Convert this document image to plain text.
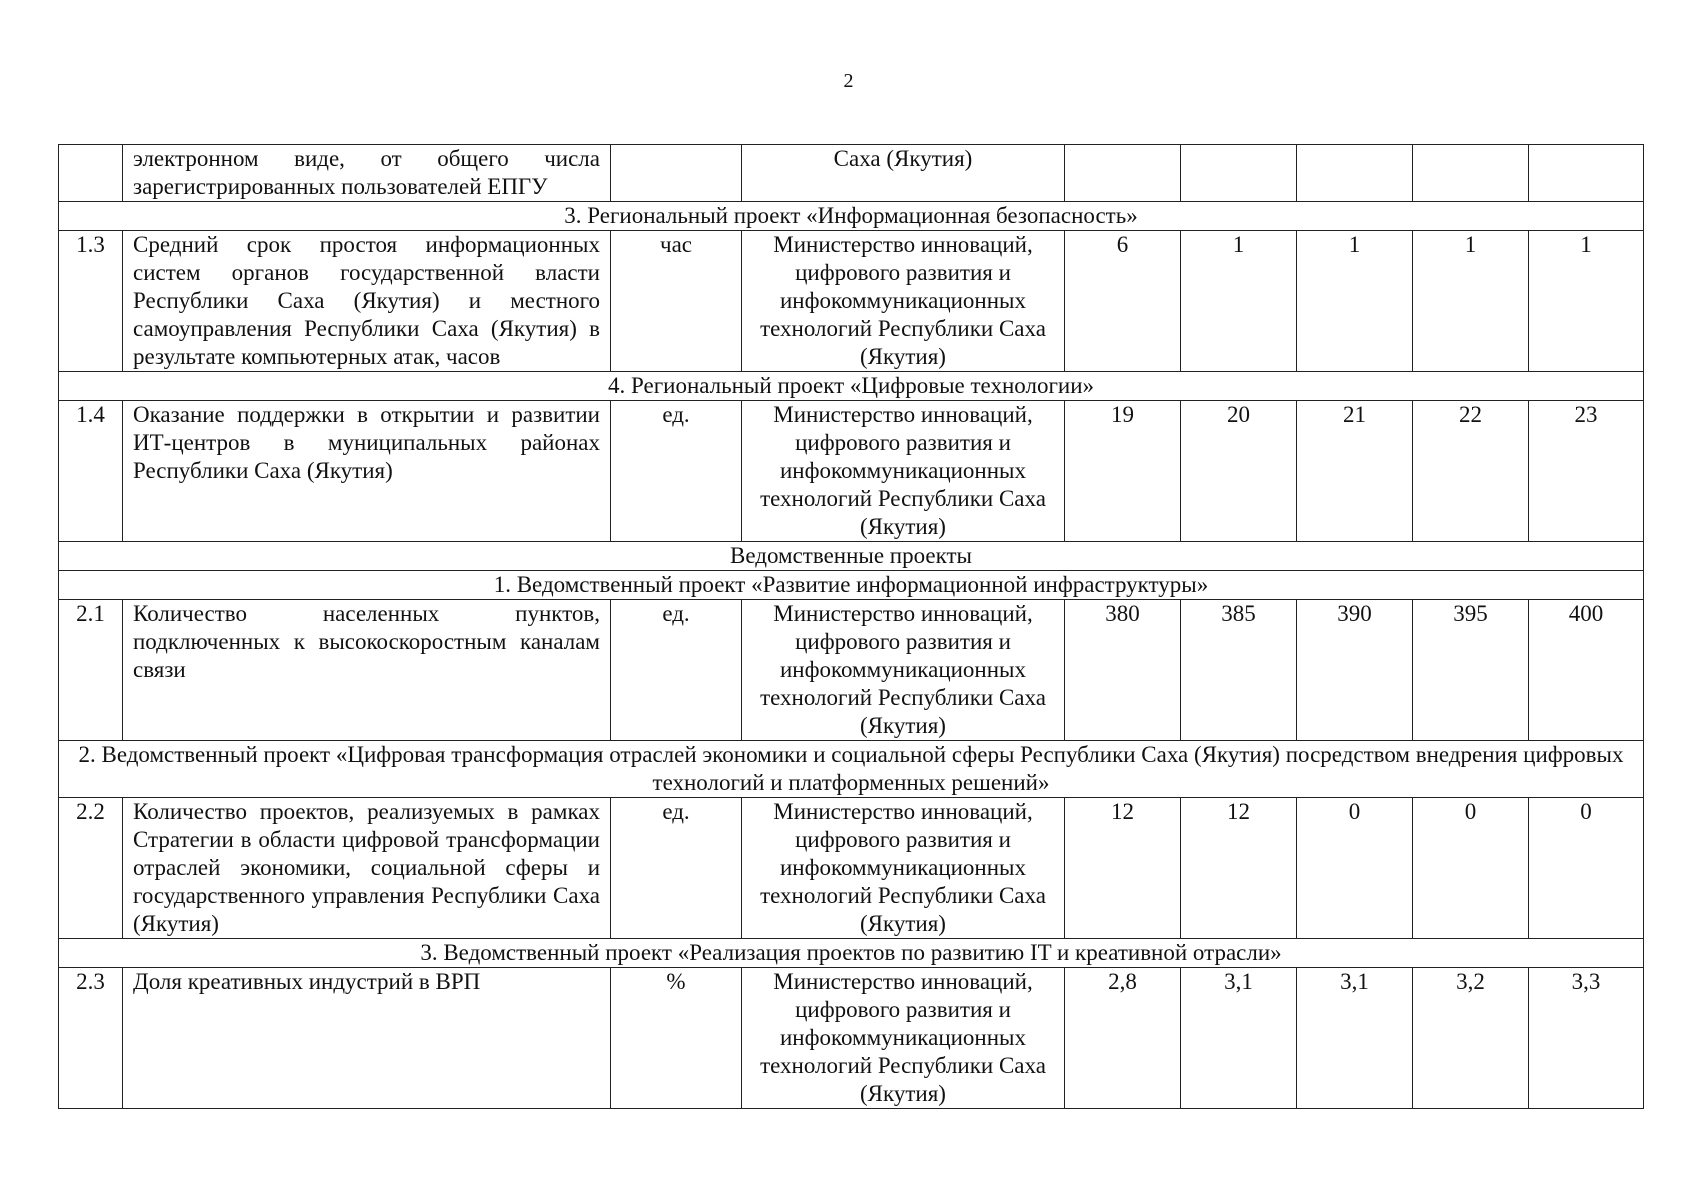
2
	электронном виде, от общего числа зарегистрированных пользователей ЕПГУ		Саха (Якутия)					
3. Региональный проект «Информационная безопасность»								
1.3	Средний срок простоя информационных систем органов государственной власти Республики Саха (Якутия) и местного самоуправления Республики Саха (Якутия) в результате компьютерных атак, часов	час	Министерство инноваций, цифрового развития и инфокоммуникационных технологий Республики Саха (Якутия)	6	1	1	1	1
4. Региональный проект «Цифровые технологии»								
1.4	Оказание поддержки в открытии и развитии ИТ-центров в муниципальных районах Республики Саха (Якутия)	ед.	Министерство инноваций, цифрового развития и инфокоммуникационных технологий Республики Саха (Якутия)	19	20	21	22	23
Ведомственные проекты								
1. Ведомственный проект «Развитие информационной инфраструктуры»								
2.1	Количество населенных пунктов, подключенных к высокоскоростным каналам связи	ед.	Министерство инноваций, цифрового развития и инфокоммуникационных технологий Республики Саха (Якутия)	380	385	390	395	400
2. Ведомственный проект «Цифровая трансформация отраслей экономики и социальной сферы Республики Саха (Якутия) посредством внедрения цифровых технологий и платформенных решений»								
2.2	Количество проектов, реализуемых в рамках Стратегии в области цифровой трансформации отраслей экономики, социальной сферы и государственного управления Республики Саха (Якутия)	ед.	Министерство инноваций, цифрового развития и инфокоммуникационных технологий Республики Саха (Якутия)	12	12	0	0	0
3. Ведомственный проект «Реализация проектов по развитию IT и креативной отрасли»								
2.3	Доля креативных индустрий в ВРП	%	Министерство инноваций, цифрового развития и инфокоммуникационных технологий Республики Саха (Якутия)	2,8	3,1	3,1	3,2	3,3
